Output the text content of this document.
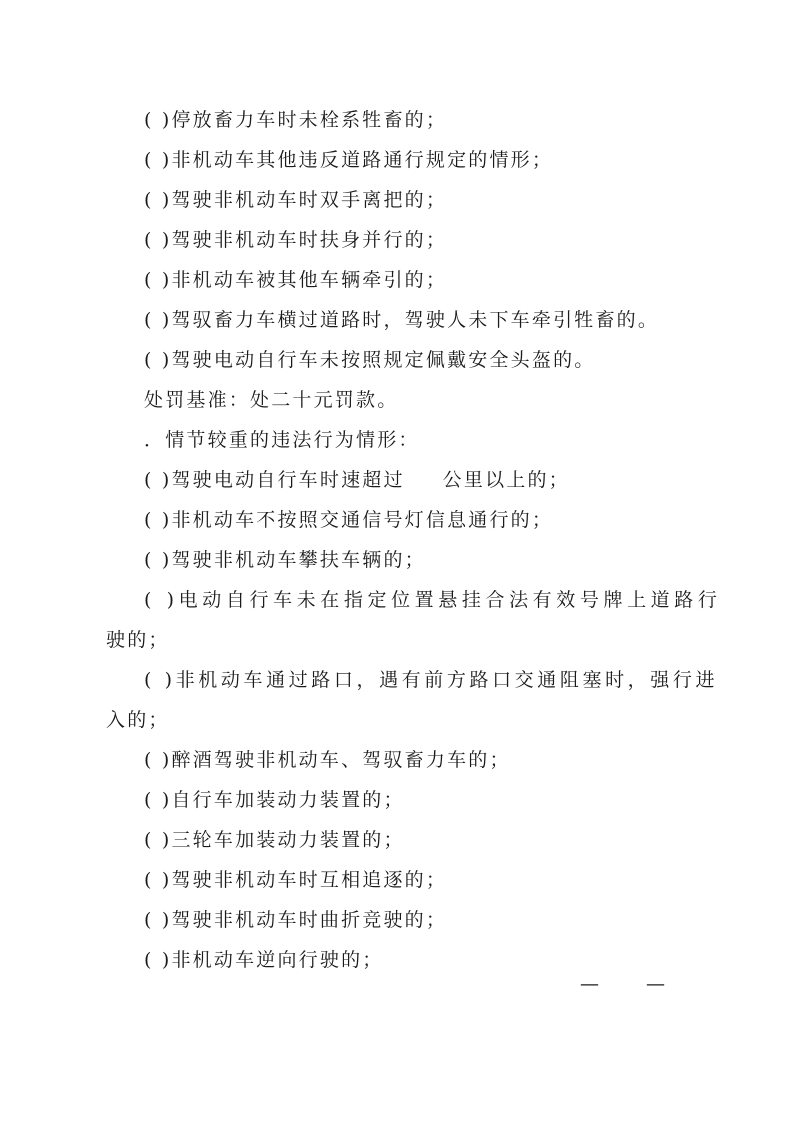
( )停放畜力车时未栓系牲畜的；
( )非机动车其他违反道路通行规定的情形；
( )驾驶非机动车时双手离把的；
( )驾驶非机动车时扶身并行的；
( )非机动车被其他车辆牵引的；
( )驾驭畜力车横过道路时，驾驶人未下车牵引牲畜的。
( )驾驶电动自行车未按照规定佩戴安全头盔的。
处罚基准：处二十元罚款。
．情节较重的违法行为情形：
( )驾驶电动自行车时速超过 公里以上的；
( )非机动车不按照交通信号灯信息通行的；
( )驾驶非机动车攀扶车辆的；
( )电动自行车未在指定位置悬挂合法有效号牌上道路行
驶的；
( )非机动车通过路口，遇有前方路口交通阻塞时，强行进
入的；
( )醉酒驾驶非机动车、驾驭畜力车的；
( )自行车加装动力装置的；
( )三轮车加装动力装置的；
( )驾驶非机动车时互相追逐的；
( )驾驶非机动车时曲折竞驶的；
( )非机动车逆向行驶的；
— —
